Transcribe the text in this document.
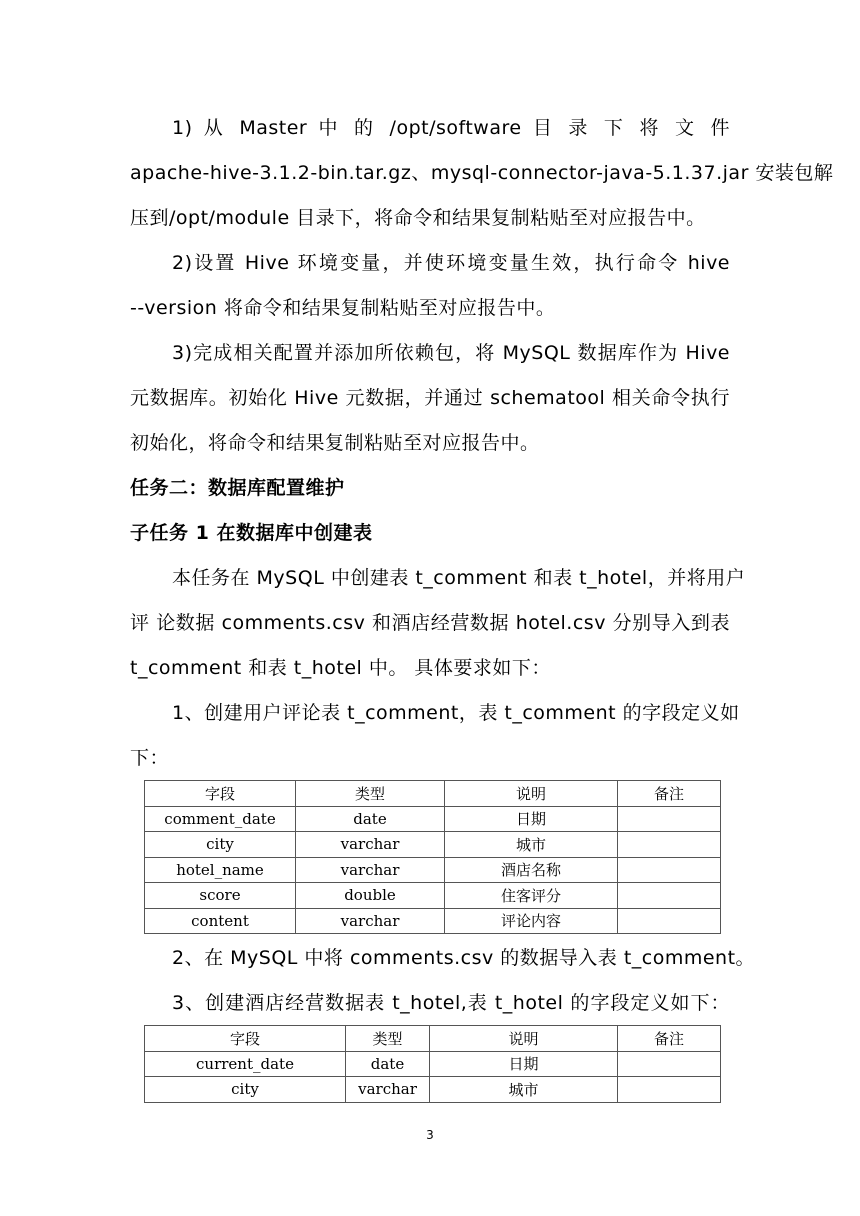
1) 从 Master 中 的 /opt/software 目 录 下 将 文 件
apache-hive-3.1.2-bin.tar.gz、mysql-connector-java-5.1.37.jar 安装包解
压到/opt/module 目录下，将命令和结果复制粘贴至对应报告中。
2)设置 Hive 环境变量，并使环境变量生效，执行命令 hive
--version 将命令和结果复制粘贴至对应报告中。
3)完成相关配置并添加所依赖包，将 MySQL 数据库作为 Hive
元数据库。初始化 Hive 元数据，并通过 schematool 相关命令执行
初始化，将命令和结果复制粘贴至对应报告中。
任务二：数据库配置维护
子任务 1 在数据库中创建表
本任务在 MySQL 中创建表 t_comment 和表 t_hotel，并将用户
评 论数据 comments.csv 和酒店经营数据 hotel.csv 分别导入到表
t_comment 和表 t_hotel 中。 具体要求如下：
1、创建用户评论表 t_comment，表 t_comment 的字段定义如
下：
字段	类型	说明	备注
comment_date	date	日期	
city	varchar	城市	
hotel_name	varchar	酒店名称	
score	double	住客评分	
content	varchar	评论内容	
2、在 MySQL 中将 comments.csv 的数据导入表 t_comment。
3、创建酒店经营数据表 t_hotel,表 t_hotel 的字段定义如下：
字段	类型	说明	备注
current_date	date	日期	
city	varchar	城市	
3
